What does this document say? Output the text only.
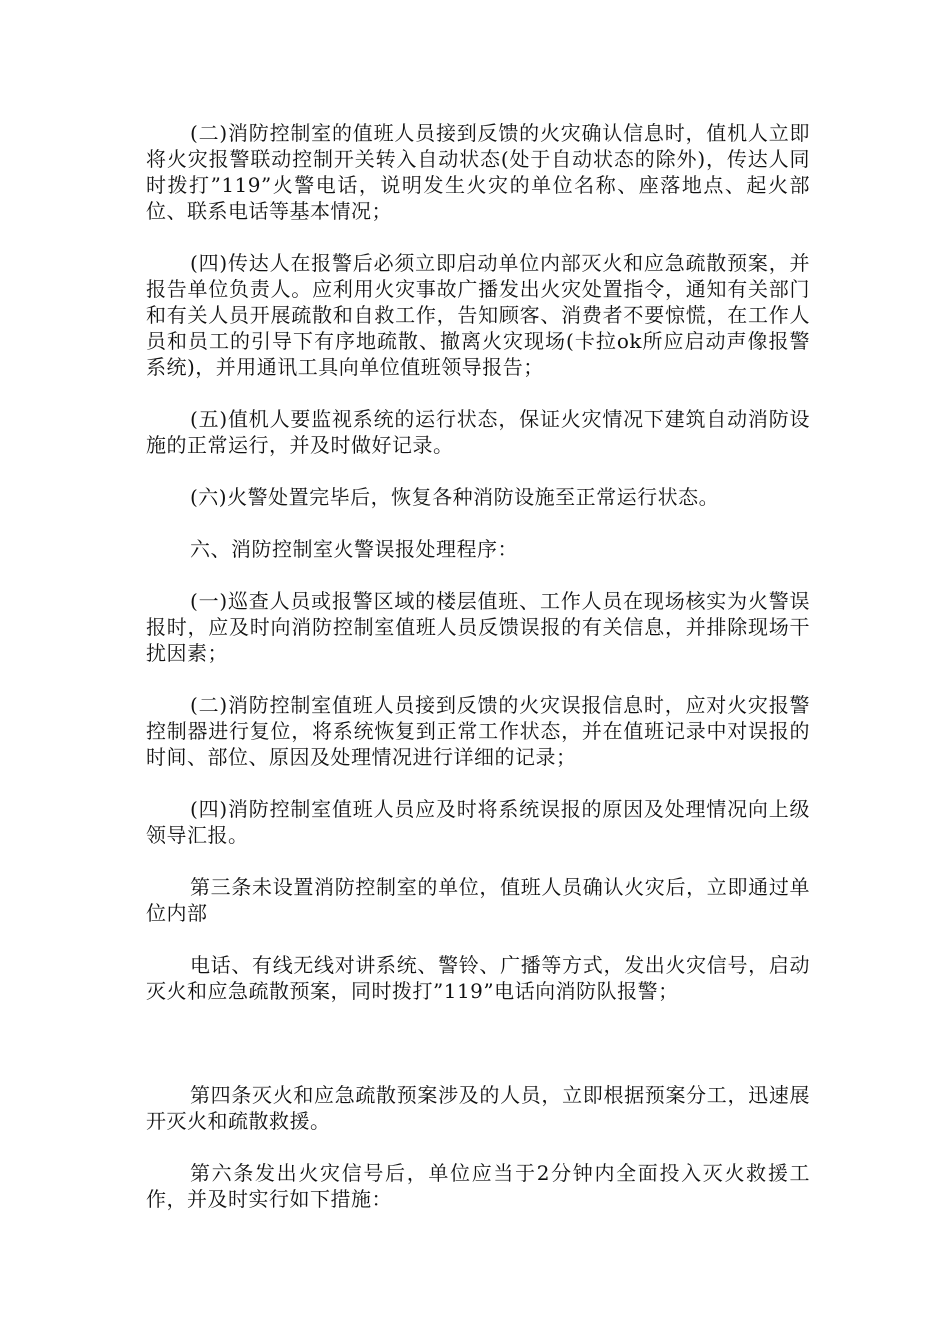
(二)消防控制室的值班人员接到反馈的火灾确认信息时，值机人立即将火灾报警联动控制开关转入自动状态(处于自动状态的除外)，传达人同时拨打”119”火警电话，说明发生火灾的单位名称、座落地点、起火部位、联系电话等基本情况；

(四)传达人在报警后必须立即启动单位内部灭火和应急疏散预案，并报告单位负责人。应利用火灾事故广播发出火灾处置指令，通知有关部门和有关人员开展疏散和自救工作，告知顾客、消费者不要惊慌，在工作人员和员工的引导下有序地疏散、撤离火灾现场(卡拉ok所应启动声像报警系统)，并用通讯工具向单位值班领导报告；

(五)值机人要监视系统的运行状态，保证火灾情况下建筑自动消防设施的正常运行，并及时做好记录。

(六)火警处置完毕后，恢复各种消防设施至正常运行状态。

六、消防控制室火警误报处理程序：

(一)巡查人员或报警区域的楼层值班、工作人员在现场核实为火警误报时，应及时向消防控制室值班人员反馈误报的有关信息，并排除现场干扰因素；

(二)消防控制室值班人员接到反馈的火灾误报信息时，应对火灾报警控制器进行复位，将系统恢复到正常工作状态，并在值班记录中对误报的时间、部位、原因及处理情况进行详细的记录；

(四)消防控制室值班人员应及时将系统误报的原因及处理情况向上级领导汇报。

第三条未设置消防控制室的单位，值班人员确认火灾后，立即通过单位内部

电话、有线无线对讲系统、警铃、广播等方式，发出火灾信号，启动灭火和应急疏散预案，同时拨打”119”电话向消防队报警；

第四条灭火和应急疏散预案涉及的人员，立即根据预案分工，迅速展开灭火和疏散救援。

第六条发出火灾信号后，单位应当于2分钟内全面投入灭火救援工作，并及时实行如下措施：
